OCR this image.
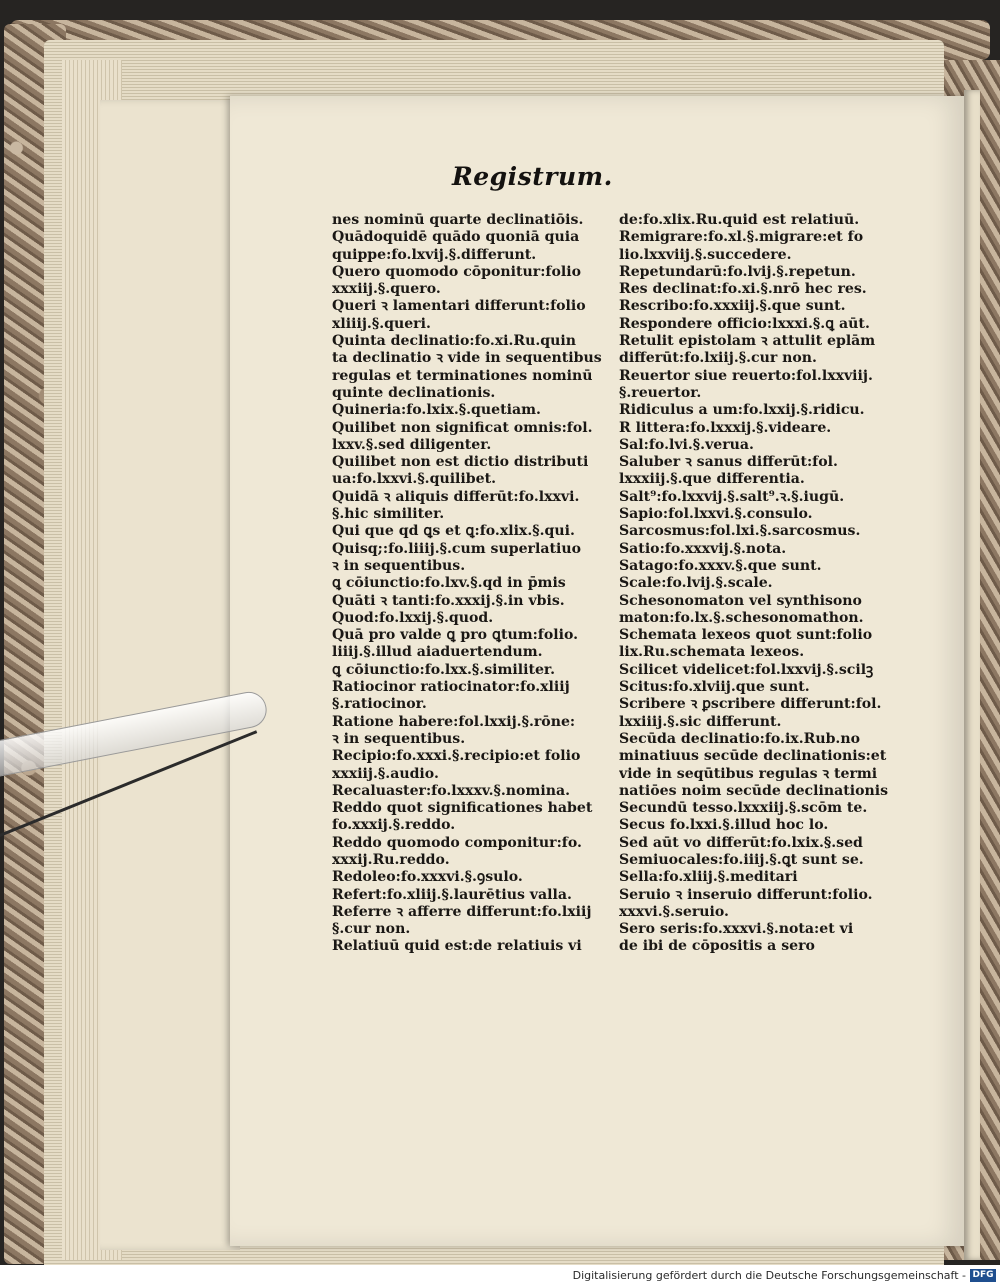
Registrum.
nes nominū quarte declinatiōis.
Quādoquidē quādo quoniā quia
quippe:fo.lxvij.§.differunt.
Quero quomodo cōponitur:folio
xxxiij.§.quero.
Queri ꝛ lamentari differunt:folio
xliiij.§.queri.
Quinta declinatio:fo.xi.Ru.quin
ta declinatio ꝛ vide in sequentibus
regulas et terminationes nominū
quinte declinationis.
Quineria:fo.lxix.§.quetiam.
Quilibet non significat omnis:fol.
lxxv.§.sed diligenter.
Quilibet non est dictio distributi
ua:fo.lxxvi.§.quilibet.
Quidā ꝛ aliquis differūt:fo.lxxvi.
§.hic similiter.
Qui que qd ꝗs et ꝗ:fo.xlix.§.qui.
Quisq;:fo.liiij.§.cum superlatiuo
ꝛ in sequentibus.
ꝗ cōiunctio:fo.lxv.§.qd in p̄mis
Quāti ꝛ tanti:fo.xxxij.§.in vbis.
Quod:fo.lxxij.§.quod.
Quā pro valde ꝗ pro ꝗtum:folio.
liiij.§.illud aiaduertendum.
ꝗ cōiunctio:fo.lxx.§.similiter.
Ratiocinor ratiocinator:fo.xliij
§.ratiocinor.
Ratione habere:fol.lxxij.§.rōne:
ꝛ in sequentibus.
Recipio:fo.xxxi.§.recipio:et folio
xxxiij.§.audio.
Recaluaster:fo.lxxxv.§.nomina.
Reddo quot significationes habet
fo.xxxij.§.reddo.
Reddo quomodo componitur:fo.
xxxij.Ru.reddo.
Redoleo:fo.xxxvi.§.ꝯsulo.
Refert:fo.xliij.§.laurētius valla.
Referre ꝛ afferre differunt:fo.lxiij
§.cur non.
Relatiuū quid est:de relatiuis vi
de:fo.xlix.Ru.quid est relatiuū.
Remigrare:fo.xl.§.migrare:et fo
lio.lxxviij.§.succedere.
Repetundarū:fo.lvij.§.repetun.
Res declinat:fo.xi.§.nrō hec res.
Rescribo:fo.xxxiij.§.que sunt.
Respondere officio:lxxxi.§.ꝗ aūt.
Retulit epistolam ꝛ attulit eplām
differūt:fo.lxiij.§.cur non.
Reuertor siue reuerto:fol.lxxviij.
§.reuertor.
Ridiculus a um:fo.lxxij.§.ridicu.
R littera:fo.lxxxij.§.videare.
Sal:fo.lvi.§.verua.
Saluber ꝛ sanus differūt:fol.
lxxxiij.§.que differentia.
Salt⁹:fo.lxxvij.§.salt⁹.ꝛ.§.iugū.
Sapio:fol.lxxvi.§.consulo.
Sarcosmus:fol.lxi.§.sarcosmus.
Satio:fo.xxxvij.§.nota.
Satago:fo.xxxv.§.que sunt.
Scale:fo.lvij.§.scale.
Schesonomaton vel synthisono
maton:fo.lx.§.schesonomathon.
Schemata lexeos quot sunt:folio
lix.Ru.schemata lexeos.
Scilicet videlicet:fol.lxxvij.§.scilꝫ
Scitus:fo.xlviij.que sunt.
Scribere ꝛ ꝑscribere differunt:fol.
lxxiiij.§.sic differunt.
Secūda declinatio:fo.ix.Rub.no
minatiuus secūde declinationis:et
vide in seqūtibus regulas ꝛ termi
natiōes noim secūde declinationis
Secundū tesso.lxxxiij.§.scōm te.
Secus fo.lxxi.§.illud hoc lo.
Sed aūt vo differūt:fo.lxix.§.sed
Semiuocales:fo.iiij.§.ꝗt sunt se.
Sella:fo.xliij.§.meditari
Seruio ꝛ inseruio differunt:folio.
xxxvi.§.seruio.
Sero seris:fo.xxxvi.§.nota:et vi
de ibi de cōpositis a sero
Digitalisierung gefördert durch die Deutsche Forschungsgemeinschaft - DFG
